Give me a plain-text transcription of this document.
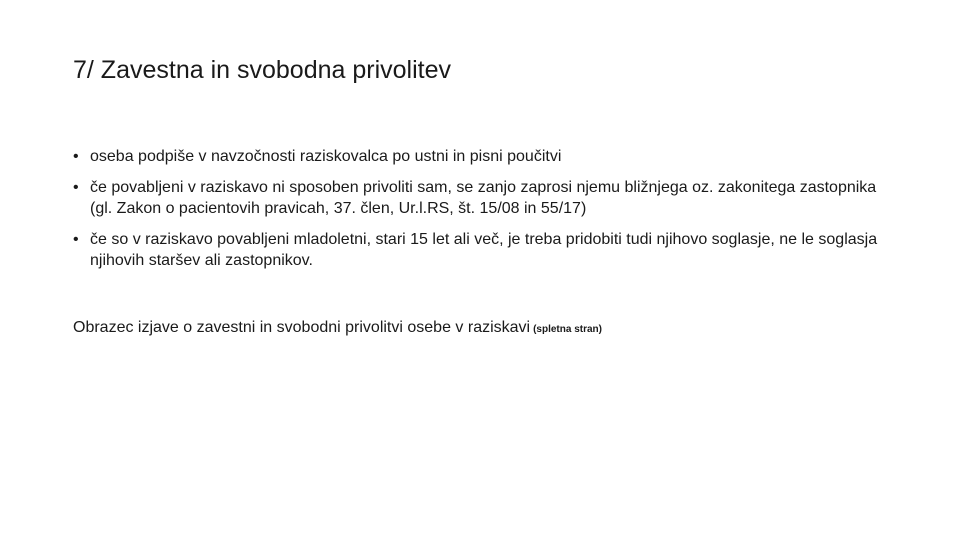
7/ Zavestna in svobodna privolitev
• oseba podpiše v navzočnosti raziskovalca po ustni in pisni poučitvi
• če povabljeni v raziskavo ni sposoben privoliti sam, se zanjo zaprosi njemu bližnjega oz. zakonitega zastopnika (gl. Zakon o pacientovih pravicah, 37. člen, Ur.l.RS, št. 15/08 in 55/17)
• če so v raziskavo povabljeni mladoletni, stari 15 let ali več, je treba pridobiti tudi njihovo soglasje, ne le soglasja njihovih staršev ali zastopnikov.

Obrazec izjave o zavestni in svobodni privolitvi osebe v raziskavi (spletna stran)
